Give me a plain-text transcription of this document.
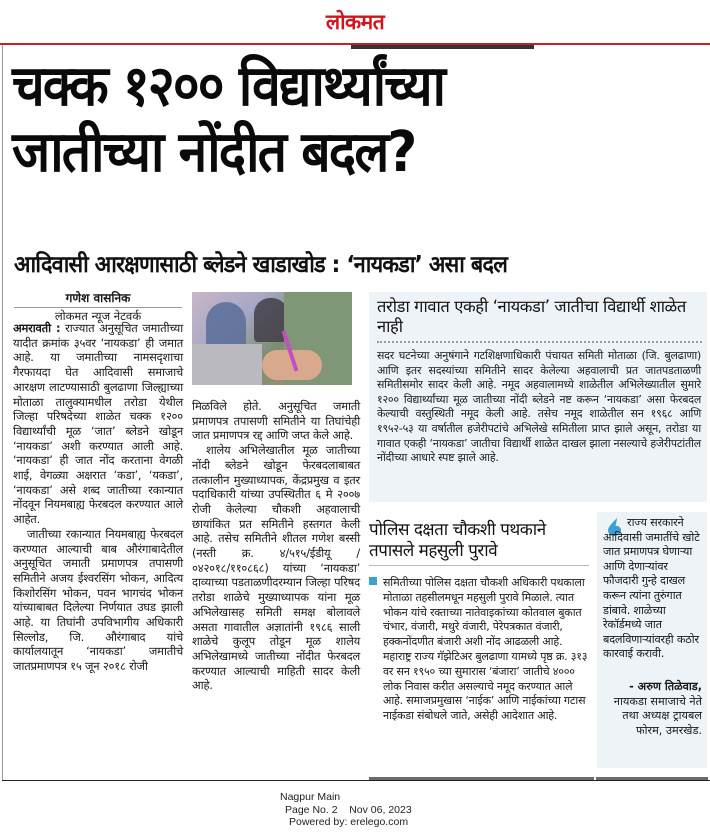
लोकमत
चक्क १२०० विद्यार्थ्यांच्या
जातीच्या नोंदीत बदल?
आदिवासी आरक्षणासाठी ब्लेडने खाडाखोड : ‘नायकडा’ असा बदल
गणेश वासनिक
लोकमत न्यूज नेटवर्क

अमरावती : राज्यात अनुसूचित जमातीच्या यादीत क्रमांक ३५वर ‘नायकडा’ ही जमात आहे. या जमातीच्या नामसदृशाचा गैरफायदा घेत आदिवासी समाजाचे आरक्षण लाटण्यासाठी बुलढाणा जिल्ह्याच्या मोताळा तालुक्यामधील तरोडा येथील जिल्हा परिषदेच्या शाळेत चक्क १२०० विद्यार्थ्यांची मूळ ‘जात’ ब्लेडने खोडून ‘नायकडा’ अशी करण्यात आली आहे. ‘नायकडा’ ही जात नोंद करताना वेगळी शाई, वेगळ्या अक्षरात ‘कडा’, ‘यकडा’, ‘नायकडा’ असे शब्द जातीच्या रकान्यात नोंदवून नियमबाह्य फेरबदल करण्यात आले आहेत.

जातीच्या रकान्यात नियमबाह्य फेरबदल करण्यात आल्याची बाब औरंगाबादेतील अनुसूचित जमाती प्रमाणपत्र तपासणी समितीने अजय ईश्वरसिंग भोकन, आदित्य किशोरसिंग भोकन, पवन भागचंद भोकन यांच्याबाबत दिलेल्या निर्णयात उघड झाली आहे. या तिघांनी उपविभागीय अधिकारी सिल्लोड, जि. औरंगाबाद यांचे कार्यालयातून ‘नायकडा’ जमातीचे जातप्रमाणपत्र १५ जून २०१८ रोजी

मिळविले होते. अनुसूचित जमाती प्रमाणपत्र तपासणी समितीने या तिघांचेही जात प्रमाणपत्र रद्द आणि जप्त केले आहे.

शालेय अभिलेखातील मूळ जातीच्या नोंदी ब्लेडने खोडून फेरबदलाबाबत तत्कालीन मुख्याध्यापक, केंद्रप्रमुख व इतर पदाधिकारी यांच्या उपस्थितीत ६ मे २००७ रोजी केलेल्या चौकशी अहवालाची छायांकित प्रत समितीने हस्तगत केली आहे. तसेच समितीने शीतल गणेश बस्सी (नस्ती क्र. ४/५१५/ईडीयू /०४२०१८/११०८६८) यांच्या ‘नायकडा’ दाव्याच्या पडताळणीदरम्यान जिल्हा परिषद तरोडा शाळेचे मुख्याध्यापक यांना मूळ अभिलेखासह समिती समक्ष बोलावले असता गावातील अज्ञातांनी १९८६ साली शाळेचे कुलूप तोडून मूळ शालेय अभिलेखामध्ये जातीच्या नोंदीत फेरबदल करण्यात आल्याची माहिती सादर केली आहे.

तरोडा गावात एकही ‘नायकडा’ जातीचा विद्यार्थी शाळेत नाही
सदर घटनेच्या अनुषंगाने गटशिक्षणाधिकारी पंचायत समिती मोताळा (जि. बुलढाणा) आणि इतर सदस्यांच्या समितीने सादर केलेल्या अहवालाची प्रत जातपडताळणी समितीसमोर सादर केली आहे. नमूद अहवालामध्ये शाळेतील अभिलेख्यातील सुमारे १२०० विद्यार्थ्यांच्या मूळ जातीच्या नोंदी ब्लेडने नष्ट करून ‘नायकडा’ असा फेरबदल केल्याची वस्तुस्थिती नमूद केली आहे. तसेच नमूद शाळेतील सन १९६८ आणि १९५२-५३ या वर्षातील हजेरीपटांचे अभिलेखे समितीला प्राप्त झाले असून, तरोडा या गावात एकही ‘नायकडा’ जातीचा विद्यार्थी शाळेत दाखल झाला नसल्याचे हजेरीपटांतील नोंदीच्या आधारे स्पष्ट झाले आहे.
पोलिस दक्षता चौकशी पथकाने तपासले महसुली पुरावे
समितीच्या पोलिस दक्षता चौकशी अधिकारी पथकाला मोताळा तहसीलमधून महसुली पुरावे मिळाले. त्यात भोकन यांचे रक्ताच्या नातेवाइकांच्या कोतवाल बुकात चंभार, वंजारी, मथुरे वंजारी, पेरेपत्रकात वंजारी, हक्कनोंदणीत बंजारी अशी नोंद आढळली आहे. महाराष्ट्र राज्य गॅझेटिअर बुलढाणा यामध्ये पृष्ठ क्र. ३१३ वर सन १९५० च्या सुमारास ‘बंजारा’ जातीचे ४००० लोक निवास करीत असल्याचे नमूद करण्यात आले आहे. समाजप्रमुखास ‘नाईक’ आणि नाईकांच्या गटास नाईकडा संबोधले जाते, असेही आदेशात आहे.
राज्य सरकारने आदिवासी जमातींचे खोटे जात प्रमाणपत्र घेणाऱ्या आणि देणाऱ्यांवर फौजदारी गुन्हे दाखल करून त्यांना तुरुंगात डांबावे. शाळेच्या रेकॉर्डमध्ये जात बदलविणाऱ्यांवरही कठोर कारवाई करावी.
- अरुण तिळेवाड,
नायकडा समाजाचे नेते तथा अध्यक्ष ट्रायबल फोरम, उमरखेड.
Nagpur Main
Page No. 2 Nov 06, 2023
Powered by: erelego.com
